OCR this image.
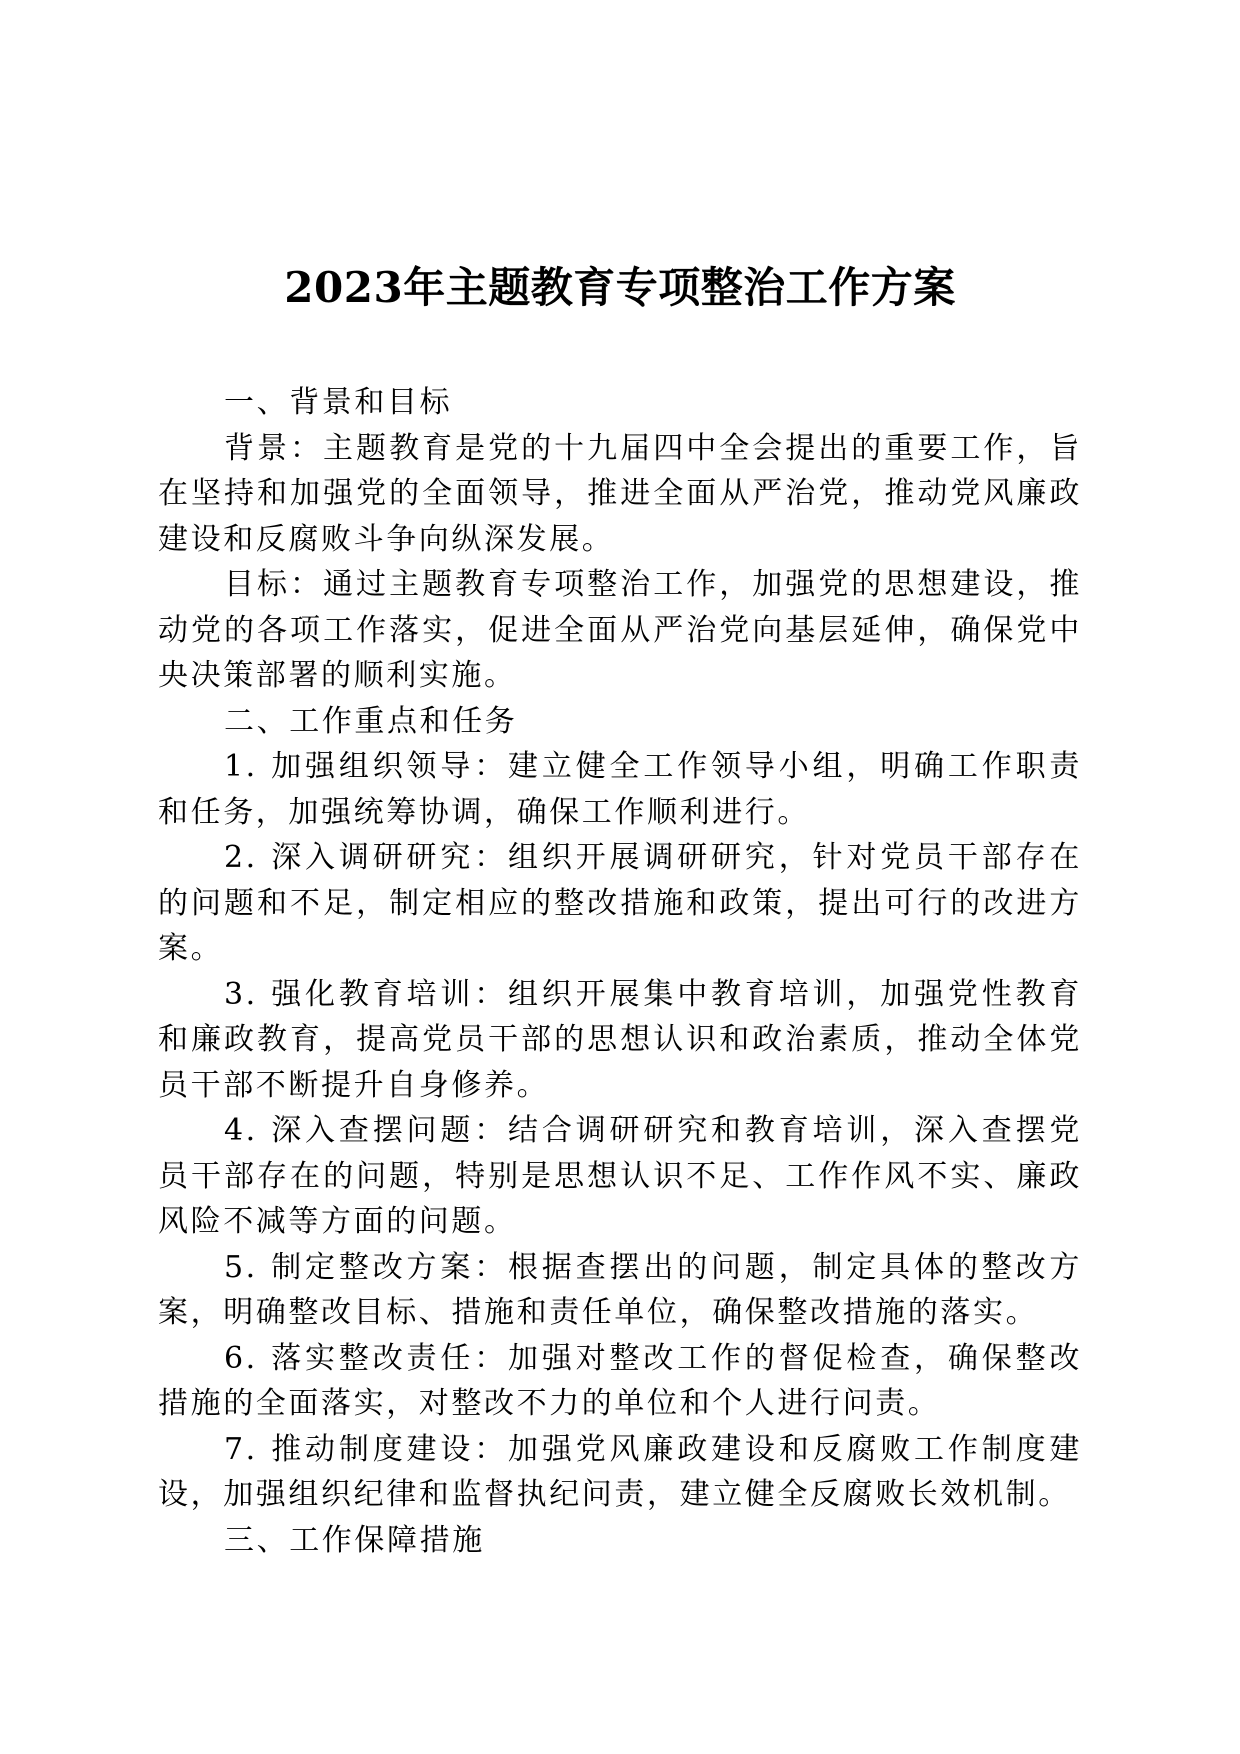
2023年主题教育专项整治工作方案

一、背景和目标

背景：主题教育是党的十九届四中全会提出的重要工作，旨在坚持和加强党的全面领导，推进全面从严治党，推动党风廉政建设和反腐败斗争向纵深发展。

目标：通过主题教育专项整治工作，加强党的思想建设，推动党的各项工作落实，促进全面从严治党向基层延伸，确保党中央决策部署的顺利实施。

二、工作重点和任务

1. 加强组织领导：建立健全工作领导小组，明确工作职责和任务，加强统筹协调，确保工作顺利进行。

2. 深入调研研究：组织开展调研研究，针对党员干部存在的问题和不足，制定相应的整改措施和政策，提出可行的改进方案。

3. 强化教育培训：组织开展集中教育培训，加强党性教育和廉政教育，提高党员干部的思想认识和政治素质，推动全体党员干部不断提升自身修养。

4. 深入查摆问题：结合调研研究和教育培训，深入查摆党员干部存在的问题，特别是思想认识不足、工作作风不实、廉政风险不减等方面的问题。

5. 制定整改方案：根据查摆出的问题，制定具体的整改方案，明确整改目标、措施和责任单位，确保整改措施的落实。

6. 落实整改责任：加强对整改工作的督促检查，确保整改措施的全面落实，对整改不力的单位和个人进行问责。

7. 推动制度建设：加强党风廉政建设和反腐败工作制度建设，加强组织纪律和监督执纪问责，建立健全反腐败长效机制。

三、工作保障措施
